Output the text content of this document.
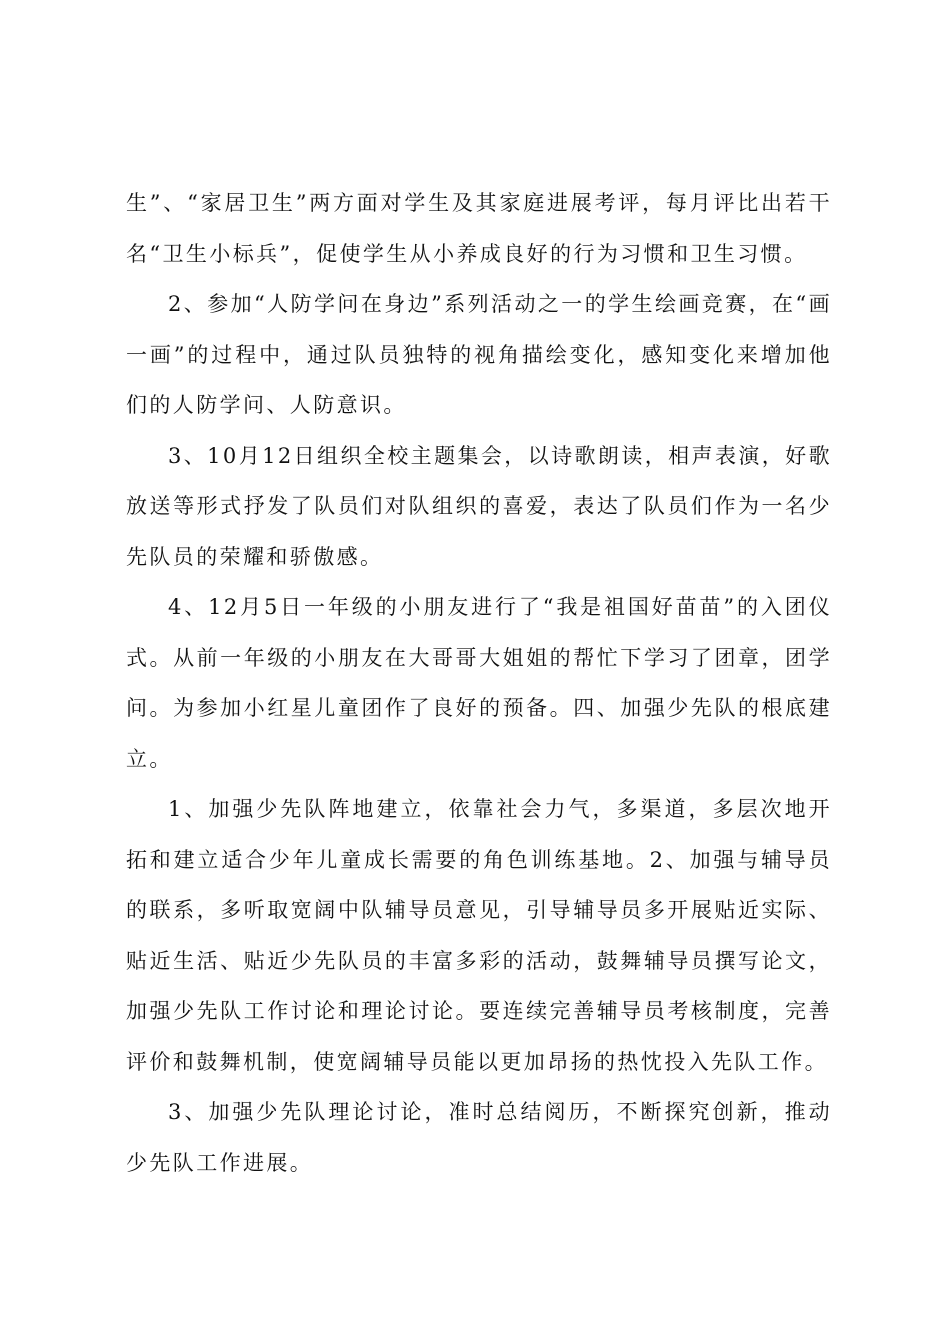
生”、“家居卫生”两方面对学生及其家庭进展考评，每月评比出若干名“卫生小标兵”，促使学生从小养成良好的行为习惯和卫生习惯。

2、参加“人防学问在身边”系列活动之一的学生绘画竞赛，在“画一画”的过程中，通过队员独特的视角描绘变化，感知变化来增加他们的人防学问、人防意识。

3、10月12日组织全校主题集会，以诗歌朗读，相声表演，好歌放送等形式抒发了队员们对队组织的喜爱，表达了队员们作为一名少先队员的荣耀和骄傲感。

4、12月5日一年级的小朋友进行了“我是祖国好苗苗”的入团仪式。从前一年级的小朋友在大哥哥大姐姐的帮忙下学习了团章，团学问。为参加小红星儿童团作了良好的预备。四、加强少先队的根底建立。

1、加强少先队阵地建立，依靠社会力气，多渠道，多层次地开拓和建立适合少年儿童成长需要的角色训练基地。2、加强与辅导员的联系，多听取宽阔中队辅导员意见，引导辅导员多开展贴近实际、贴近生活、贴近少先队员的丰富多彩的活动，鼓舞辅导员撰写论文，加强少先队工作讨论和理论讨论。要连续完善辅导员考核制度，完善评价和鼓舞机制，使宽阔辅导员能以更加昂扬的热忱投入先队工作。

3、加强少先队理论讨论，准时总结阅历，不断探究创新，推动少先队工作进展。
